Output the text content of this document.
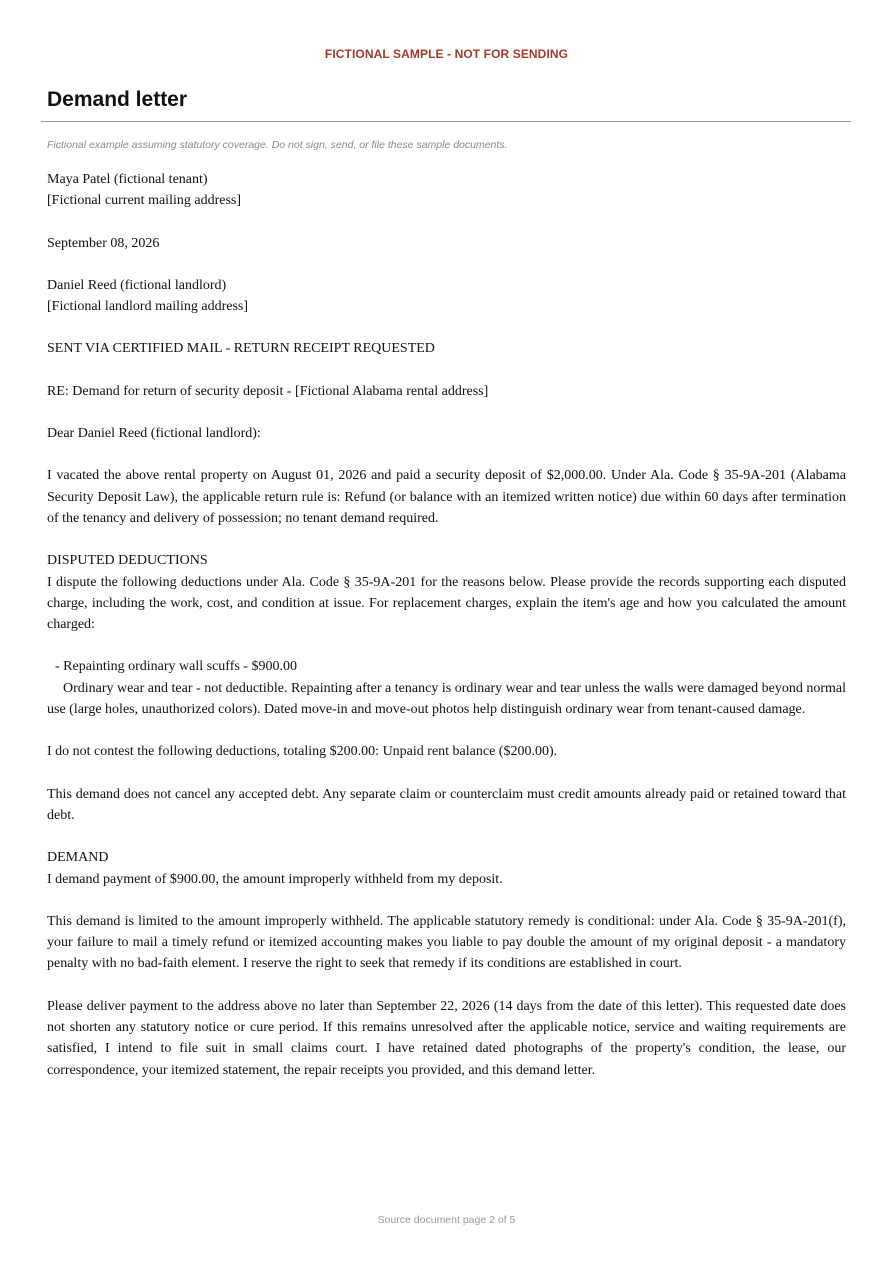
FICTIONAL SAMPLE - NOT FOR SENDING
Demand letter
Fictional example assuming statutory coverage. Do not sign, send, or file these sample documents.

Maya Patel (fictional tenant)
[Fictional current mailing address]

September 08, 2026

Daniel Reed (fictional landlord)
[Fictional landlord mailing address]

SENT VIA CERTIFIED MAIL - RETURN RECEIPT REQUESTED

RE: Demand for return of security deposit - [Fictional Alabama rental address]

Dear Daniel Reed (fictional landlord):

I vacated the above rental property on August 01, 2026 and paid a security deposit of $2,000.00. Under Ala. Code § 35-9A-201 (Alabama Security Deposit Law), the applicable return rule is: Refund (or balance with an itemized written notice) due within 60 days after termination of the tenancy and delivery of possession; no tenant demand required.

DISPUTED DEDUCTIONS
I dispute the following deductions under Ala. Code § 35-9A-201 for the reasons below. Please provide the records supporting each disputed charge, including the work, cost, and condition at issue. For replacement charges, explain the item's age and how you calculated the amount charged:

- Repainting ordinary wall scuffs - $900.00
Ordinary wear and tear - not deductible. Repainting after a tenancy is ordinary wear and tear unless the walls were damaged beyond normal use (large holes, unauthorized colors). Dated move-in and move-out photos help distinguish ordinary wear from tenant-caused damage.

I do not contest the following deductions, totaling $200.00: Unpaid rent balance ($200.00).

This demand does not cancel any accepted debt. Any separate claim or counterclaim must credit amounts already paid or retained toward that debt.

DEMAND
I demand payment of $900.00, the amount improperly withheld from my deposit.

This demand is limited to the amount improperly withheld. The applicable statutory remedy is conditional: under Ala. Code § 35-9A-201(f), your failure to mail a timely refund or itemized accounting makes you liable to pay double the amount of my original deposit - a mandatory penalty with no bad-faith element. I reserve the right to seek that remedy if its conditions are established in court.

Please deliver payment to the address above no later than September 22, 2026 (14 days from the date of this letter). This requested date does not shorten any statutory notice or cure period. If this remains unresolved after the applicable notice, service and waiting requirements are satisfied, I intend to file suit in small claims court. I have retained dated photographs of the property's condition, the lease, our correspondence, your itemized statement, the repair receipts you provided, and this demand letter.

Source document page 2 of 5
